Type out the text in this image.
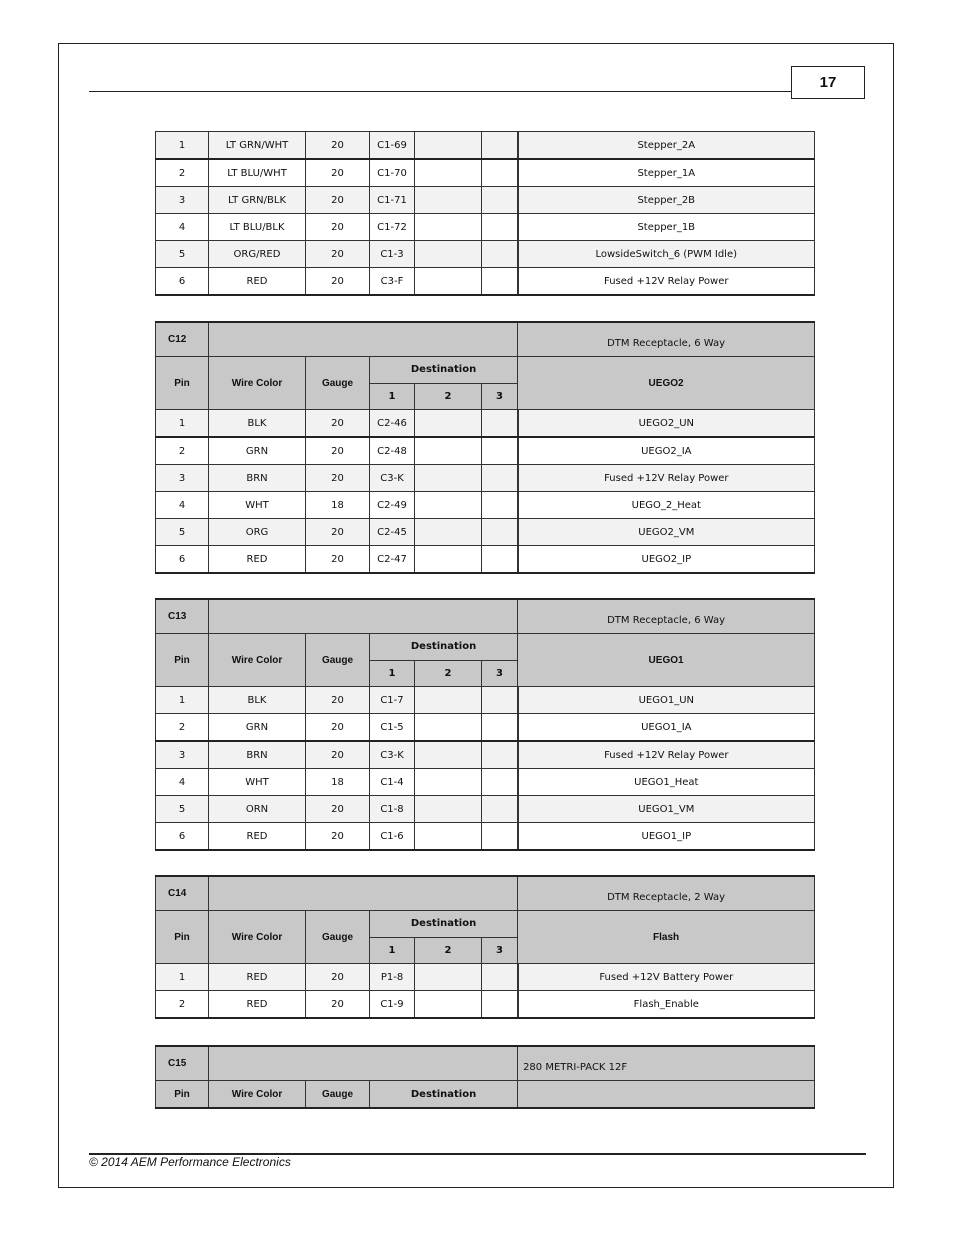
17
1	LT GRN/WHT	20	C1-69			Stepper_2A
2	LT BLU/WHT	20	C1-70			Stepper_1A
3	LT GRN/BLK	20	C1-71			Stepper_2B
4	LT BLU/BLK	20	C1-72			Stepper_1B
5	ORG/RED	20	C1-3			LowsideSwitch_6 (PWM Idle)
6	RED	20	C3-F			Fused +12V Relay Power
C12						DTM Receptacle, 6 Way
Pin	Wire Color	Gauge	Destination			UEGO2
			1	2	3	
1	BLK	20	C2-46			UEGO2_UN
2	GRN	20	C2-48			UEGO2_IA
3	BRN	20	C3-K			Fused +12V Relay Power
4	WHT	18	C2-49			UEGO_2_Heat
5	ORG	20	C2-45			UEGO2_VM
6	RED	20	C2-47			UEGO2_IP
C13						DTM Receptacle, 6 Way
Pin	Wire Color	Gauge	Destination			UEGO1
			1	2	3	
1	BLK	20	C1-7			UEGO1_UN
2	GRN	20	C1-5			UEGO1_IA
3	BRN	20	C3-K			Fused +12V Relay Power
4	WHT	18	C1-4			UEGO1_Heat
5	ORN	20	C1-8			UEGO1_VM
6	RED	20	C1-6			UEGO1_IP
C14						DTM Receptacle, 2 Way
Pin	Wire Color	Gauge	Destination			Flash
			1	2	3	
1	RED	20	P1-8			Fused +12V Battery Power
2	RED	20	C1-9			Flash_Enable
C15				280 METRI-PACK 12F
Pin	Wire Color	Gauge	Destination	
© 2014 AEM Performance Electronics
